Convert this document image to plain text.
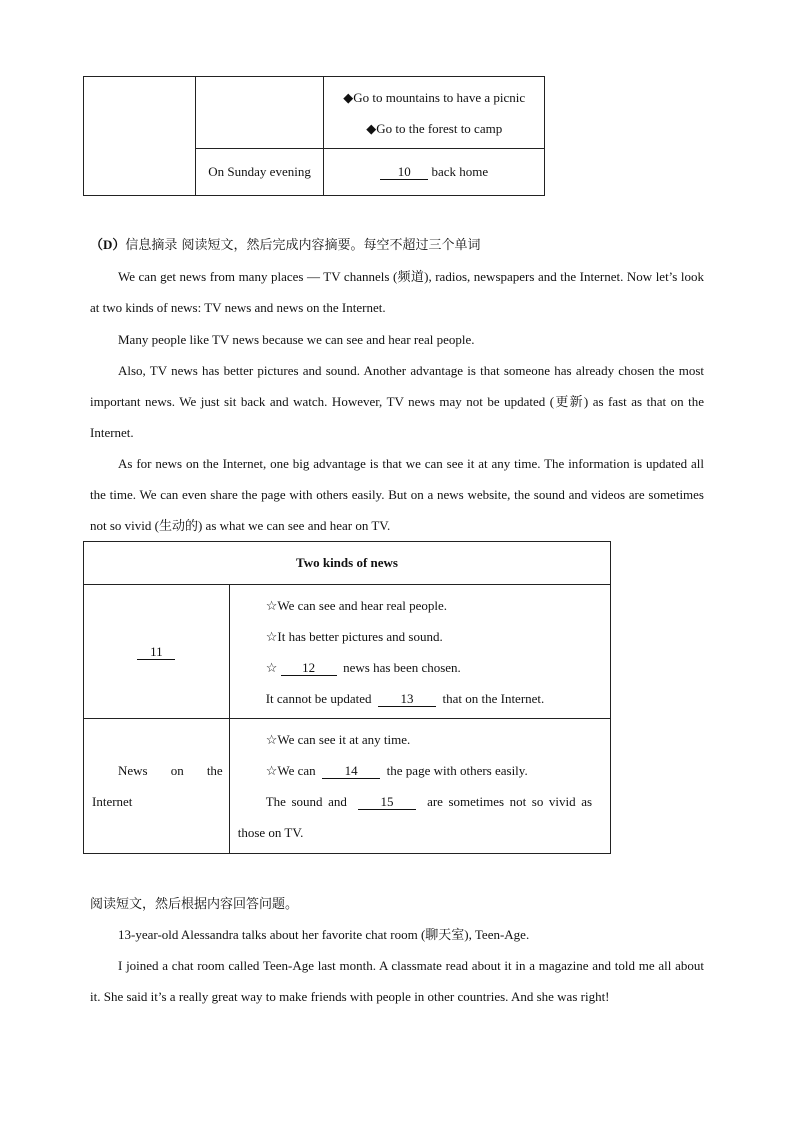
		◆Go to mountains to have a picnic
◆Go to the forest to camp

	On Sunday evening	10 back home
（D）信息摘录 阅读短文，然后完成内容摘要。每空不超过三个单词
We can get news from many places — TV channels (频道), radios, newspapers and the Internet. Now let’s look at two kinds of news: TV news and news on the Internet.
Many people like TV news because we can see and hear real people.
Also, TV news has better pictures and sound. Another advantage is that someone has already chosen the most important news. We just sit back and watch. However, TV news may not be updated (更新) as fast as that on the Internet.
As for news on the Internet, one big advantage is that we can see it at any time. The information is updated all the time. We can even share the page with others easily. But on a news website, the sound and videos are sometimes not so vivid (生动的) as what we can see and hear on TV.
Two kinds of news	
11	☆We can see and hear real people.
☆It has better pictures and sound.
☆ 12 news has been chosen.
It cannot be updated 13 that on the Internet.

News on the Internet	☆We can see it at any time.
☆We can 14 the page with others easily.
The sound and 15 are sometimes not so vivid as those on TV.
阅读短文，然后根据内容回答问题。
13-year-old Alessandra talks about her favorite chat room (聊天室), Teen-Age.
I joined a chat room called Teen-Age last month. A classmate read about it in a magazine and told me all about it. She said it’s a really great way to make friends with people in other countries. And she was right!
